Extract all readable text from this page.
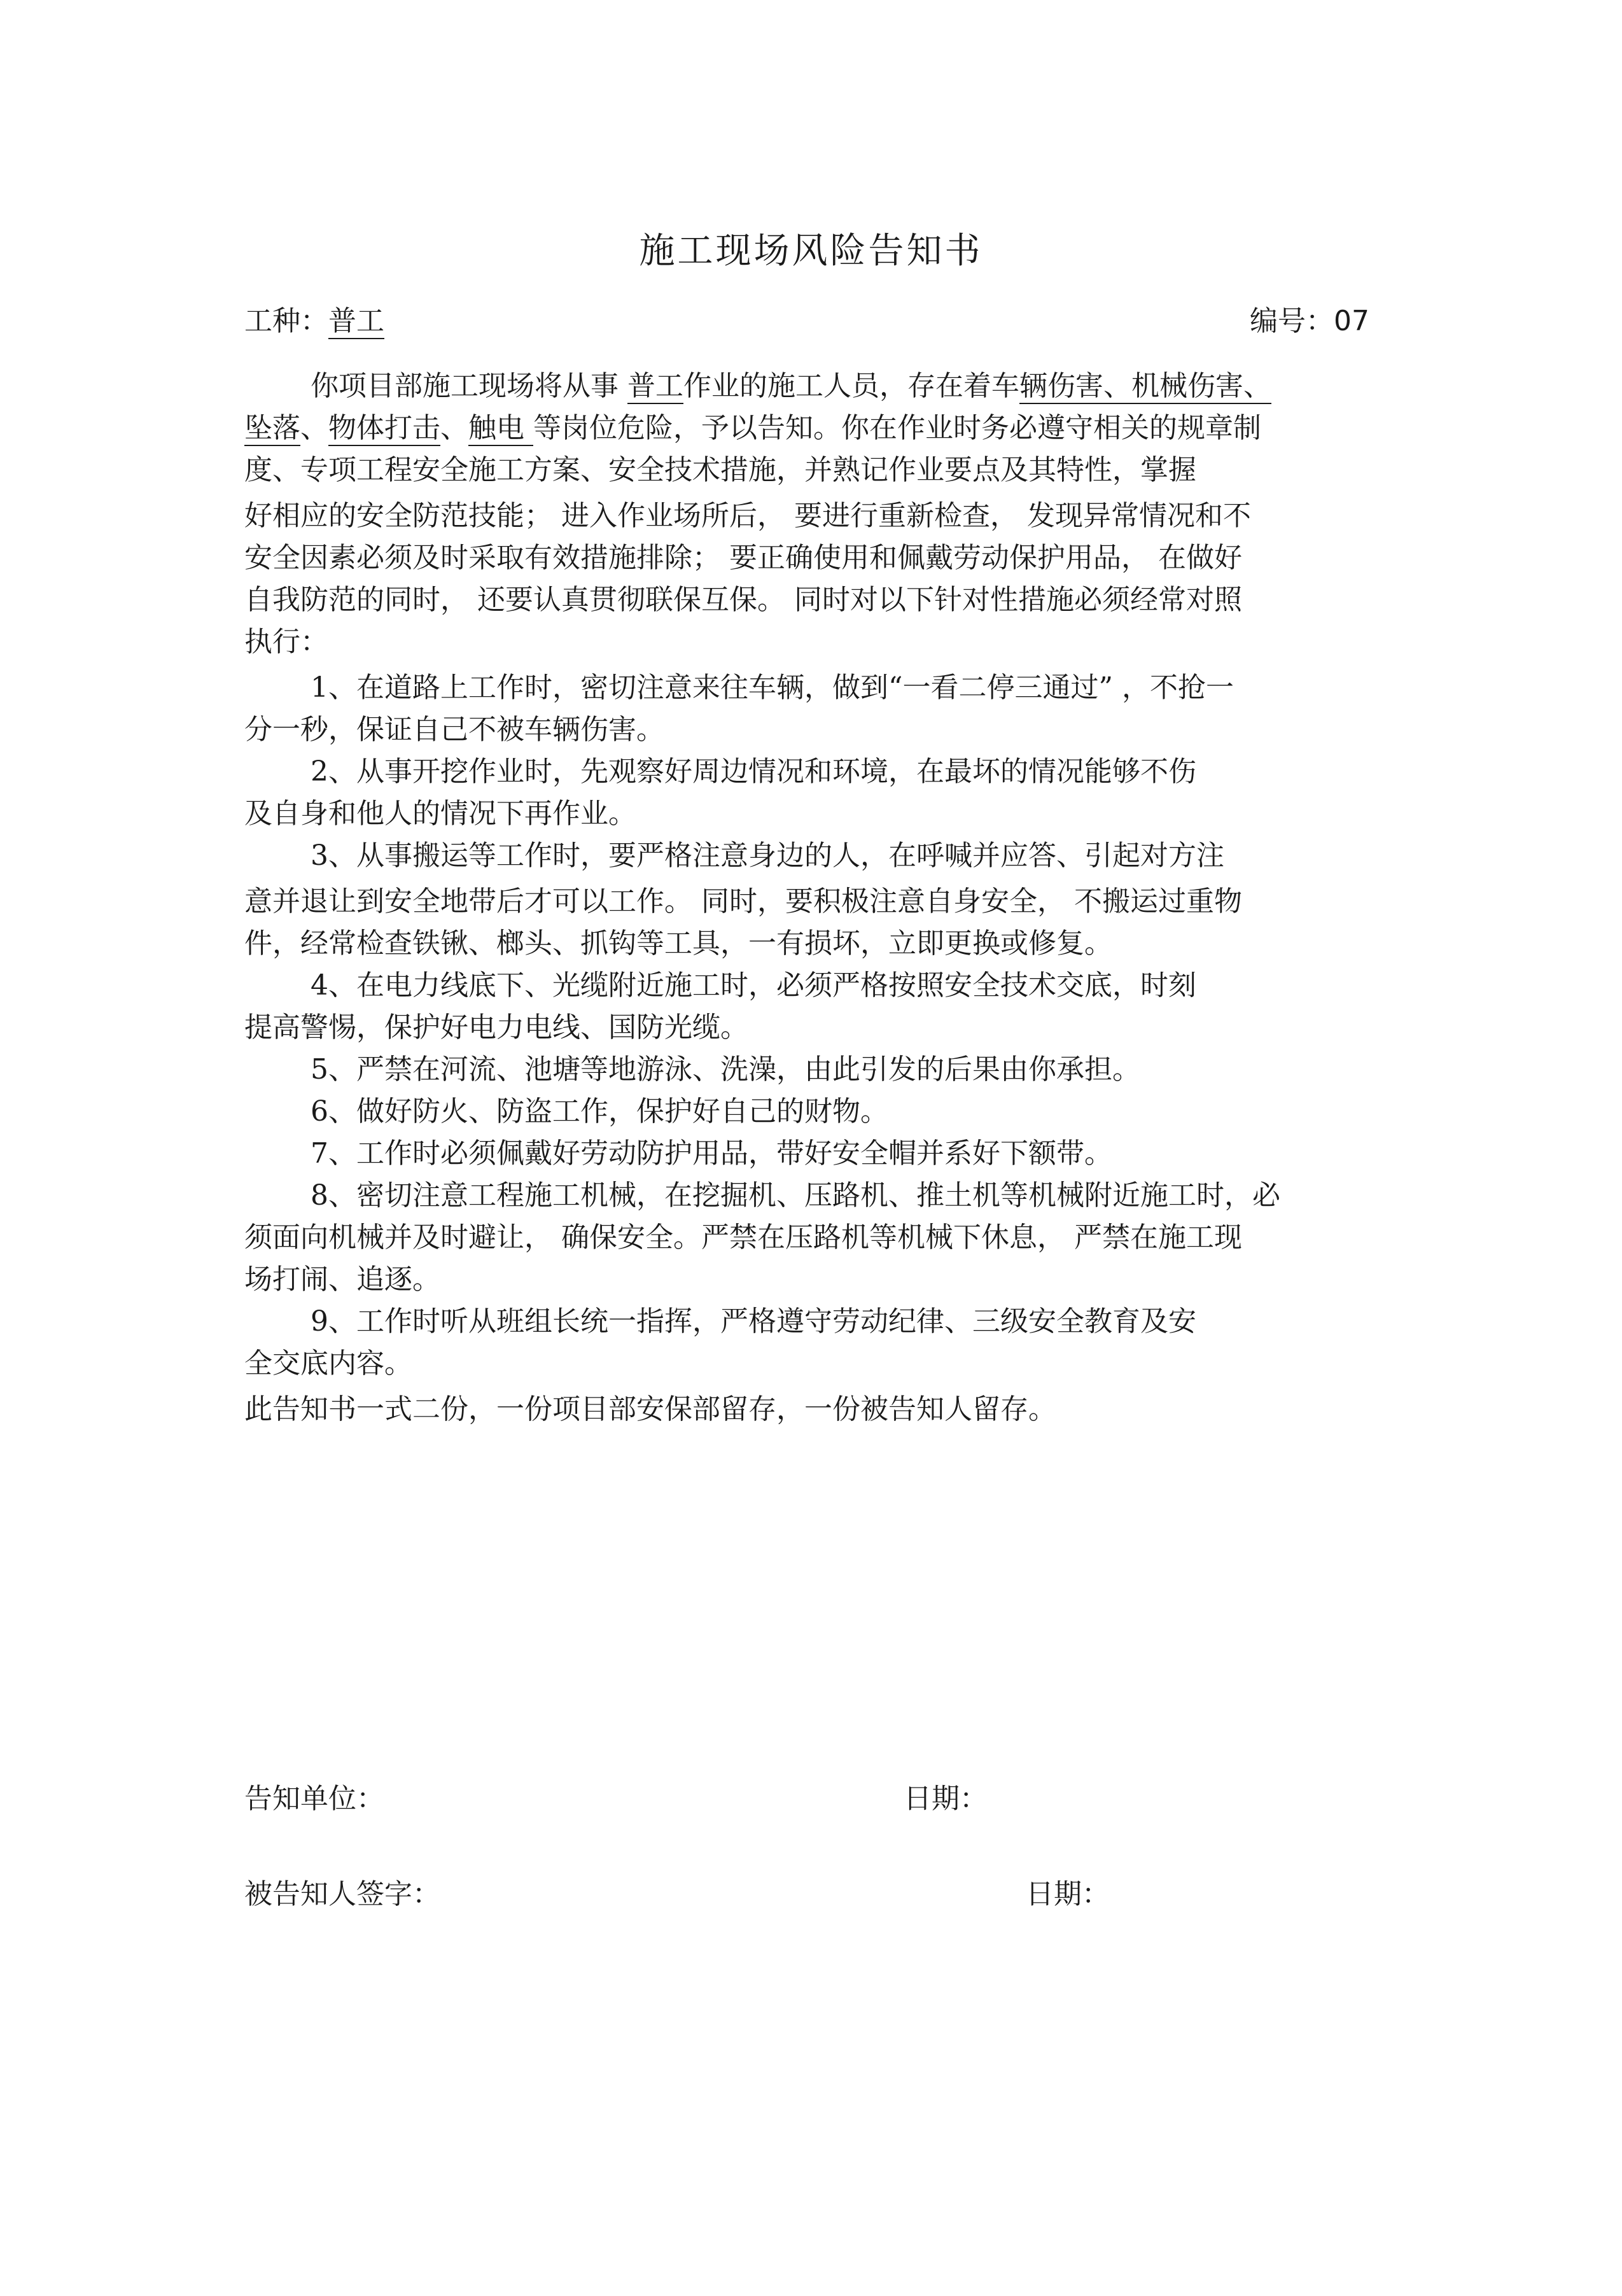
施工现场风险告知书
工种：普工	编号：07
你项目部施工现场将从事 普工作业的施工人员，存在着车辆伤害、机械伤害、
坠落、物体打击、触电 等岗位危险，予以告知。你在作业时务必遵守相关的规章制
度、专项工程安全施工方案、安全技术措施，并熟记作业要点及其特性，掌握
好相应的安全防范技能； 进入作业场所后， 要进行重新检查， 发现异常情况和不
安全因素必须及时采取有效措施排除； 要正确使用和佩戴劳动保护用品， 在做好
自我防范的同时， 还要认真贯彻联保互保。 同时对以下针对性措施必须经常对照
执行：
1、在道路上工作时，密切注意来往车辆，做到“一看二停三通过” ，不抢一
分一秒，保证自己不被车辆伤害。
2、从事开挖作业时，先观察好周边情况和环境，在最坏的情况能够不伤
及自身和他人的情况下再作业。
3、从事搬运等工作时，要严格注意身边的人，在呼喊并应答、引起对方注
意并退让到安全地带后才可以工作。 同时，要积极注意自身安全， 不搬运过重物
件，经常检查铁锹、榔头、抓钩等工具，一有损坏，立即更换或修复。
4、在电力线底下、光缆附近施工时，必须严格按照安全技术交底，时刻
提高警惕，保护好电力电线、国防光缆。
5、严禁在河流、池塘等地游泳、洗澡，由此引发的后果由你承担。
6、做好防火、防盗工作，保护好自己的财物。
7、工作时必须佩戴好劳动防护用品，带好安全帽并系好下额带。
8、密切注意工程施工机械，在挖掘机、压路机、推土机等机械附近施工时，必
须面向机械并及时避让， 确保安全。严禁在压路机等机械下休息， 严禁在施工现
场打闹、追逐。
9、工作时听从班组长统一指挥，严格遵守劳动纪律、三级安全教育及安
全交底内容。
此告知书一式二份，一份项目部安保部留存，一份被告知人留存。
告知单位：	日期：
被告知人签字：	日期：
